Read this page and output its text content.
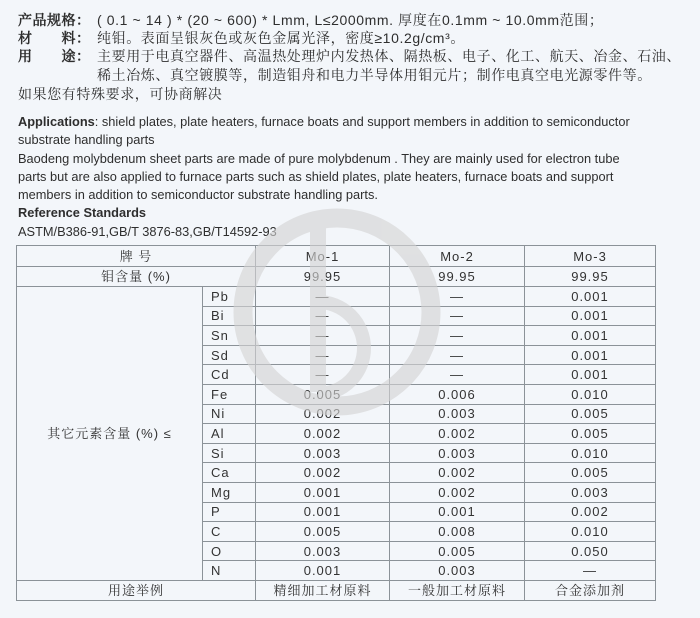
产品规格： ( 0.1 ~ 14 ) * (20 ~ 600) * Lmm, L≤2000mm. 厚度在0.1mm ~ 10.0mm范围；
材　　料： 纯钼。表面呈银灰色或灰色金属光泽，密度≥10.2g/cm³。
用　　途： 主要用于电真空器件、高温热处理炉内发热体、隔热板、电子、化工、航天、冶金、石油、
稀土冶炼、真空镀膜等，制造钼舟和电力半导体用钼元片；制作电真空电光源零件等。
如果您有特殊要求，可协商解决
Applications: shield plates, plate heaters, furnace boats and support members in addition to semiconductor
substrate handling parts
Baodeng molybdenum sheet parts are made of pure molybdenum . They are mainly used for electron tube
parts but are also applied to furnace parts such as shield plates, plate heaters, furnace boats and support
members in addition to semiconductor substrate handling parts.
Reference Standards
ASTM/B386-91,GB/T 3876-83,GB/T14592-93
牌 号		Mo-1	Mo-2	Mo-3
钼含量 (%)		99.95	99.95	99.95
其它元素含量 (%) ≤	Pb	—	—	0.001
	Bi	—	—	0.001
	Sn	—	—	0.001
	Sd	—	—	0.001
	Cd	—	—	0.001
	Fe	0.005	0.006	0.010
	Ni	0.002	0.003	0.005
	Al	0.002	0.002	0.005
	Si	0.003	0.003	0.010
	Ca	0.002	0.002	0.005
	Mg	0.001	0.002	0.003
	P	0.001	0.001	0.002
	C	0.005	0.008	0.010
	O	0.003	0.005	0.050
	N	0.001	0.003	—
用途举例		精细加工材原料	一般加工材原料	合金添加剂
